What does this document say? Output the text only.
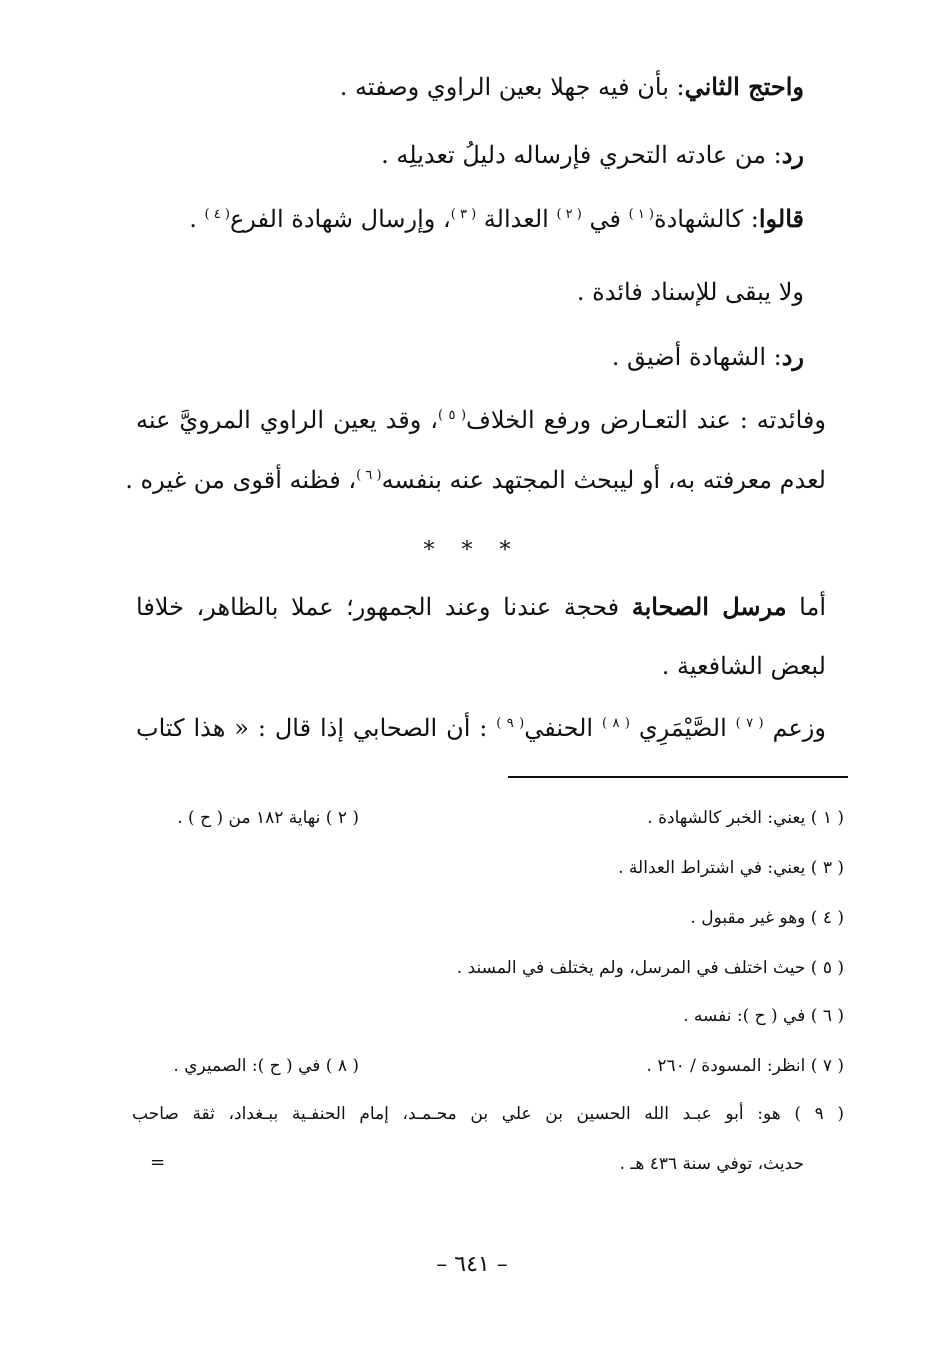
واحتج الثاني: بأن فيه جهلا بعين الراوي وصفته .
رد: من عادته التحري فإرساله دليلُ تعديلِه .
قالوا: كالشهادة$^{( ١ )}$ في $^{( ٢ )}$ العدالة $^{( ٣ )}$، وإرسال شهادة الفرع$^{( ٤ )}$ .
ولا يبقى للإسناد فائدة .
رد: الشهادة أضيق .
وفائدته : عند التعـارض ورفع الخلاف$^{( ٥ )}$، وقد يعين الراوي المرويَّ عنه
لعدم معرفته به، أو ليبحث المجتهد عنه بنفسه$^{( ٦ )}$، فظنه أقوى من غيره .
* * *
أما مرسل الصحابة فحجة عندنا وعند الجمهور؛ عملا بالظاهر، خلافا
لبعض الشافعية .
وزعم $^{( ٧ )}$ الصَّيْمَرِي $^{( ٨ )}$ الحنفي$^{( ٩ )}$ : أن الصحابي إذا قال : « هذا كتاب
( ١ ) يعني: الخبر كالشهادة .
( ٢ ) نهاية ١٨٢ من ( ح ) .
( ٣ ) يعني: في اشتراط العدالة .
( ٤ ) وهو غير مقبول .
( ٥ ) حيث اختلف في المرسل، ولم يختلف في المسند .
( ٦ ) في ( ح ): نفسه .
( ٧ ) انظر: المسودة / ٢٦٠ .
( ٨ ) في ( ح ): الصميري .
( ٩ ) هو: أبو عبـد الله الحسين بن علي بن محـمـد، إمام الحنفـية ببـغداد، ثقة صاحب
حديث، توفي سنة ٤٣٦ هـ .
=
– ٦٤١ –
